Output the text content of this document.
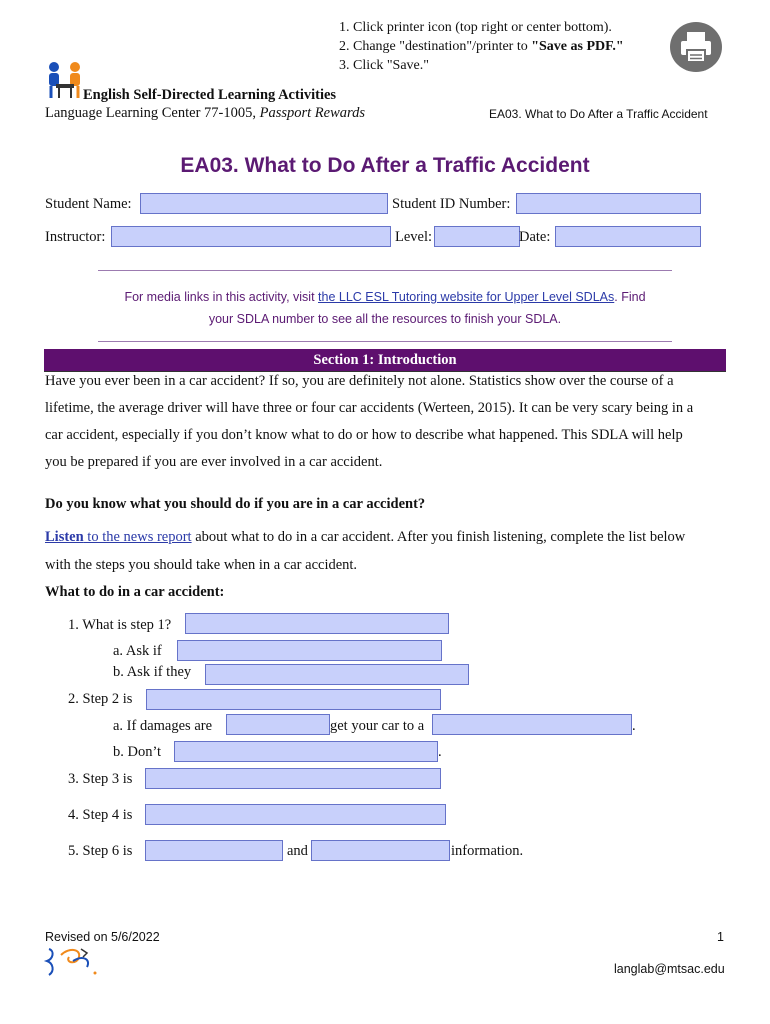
1. Click printer icon (top right or center bottom).
2. Change "destination"/printer to "Save as PDF."
3. Click "Save."
English Self-Directed Learning Activities
Language Learning Center 77-1005, Passport Rewards	EA03. What to Do After a Traffic Accident
EA03. What to Do After a Traffic Accident
Student Name:	Student ID Number:
Instructor:	Level:	Date:
For media links in this activity, visit the LLC ESL Tutoring website for Upper Level SDLAs. Find
your SDLA number to see all the resources to finish your SDLA.
Section 1: Introduction
Have you ever been in a car accident? If so, you are definitely not alone. Statistics show over the course of a
lifetime, the average driver will have three or four car accidents (Werteen, 2015). It can be very scary being in a
car accident, especially if you don’t know what to do or how to describe what happened. This SDLA will help
you be prepared if you are ever involved in a car accident.
Do you know what you should do if you are in a car accident?
Listen to the news report about what to do in a car accident. After you finish listening, complete the list below
with the steps you should take when in a car accident.
What to do in a car accident:
1. What is step 1?
a. Ask if
b. Ask if they
2. Step 2 is
a. If damages are	get your car to a	.
b. Don’t	.
3. Step 3 is
4. Step 4 is
5. Step 6 is	and	information.
Revised on 5/6/2022	1
langlab@mtsac.edu
